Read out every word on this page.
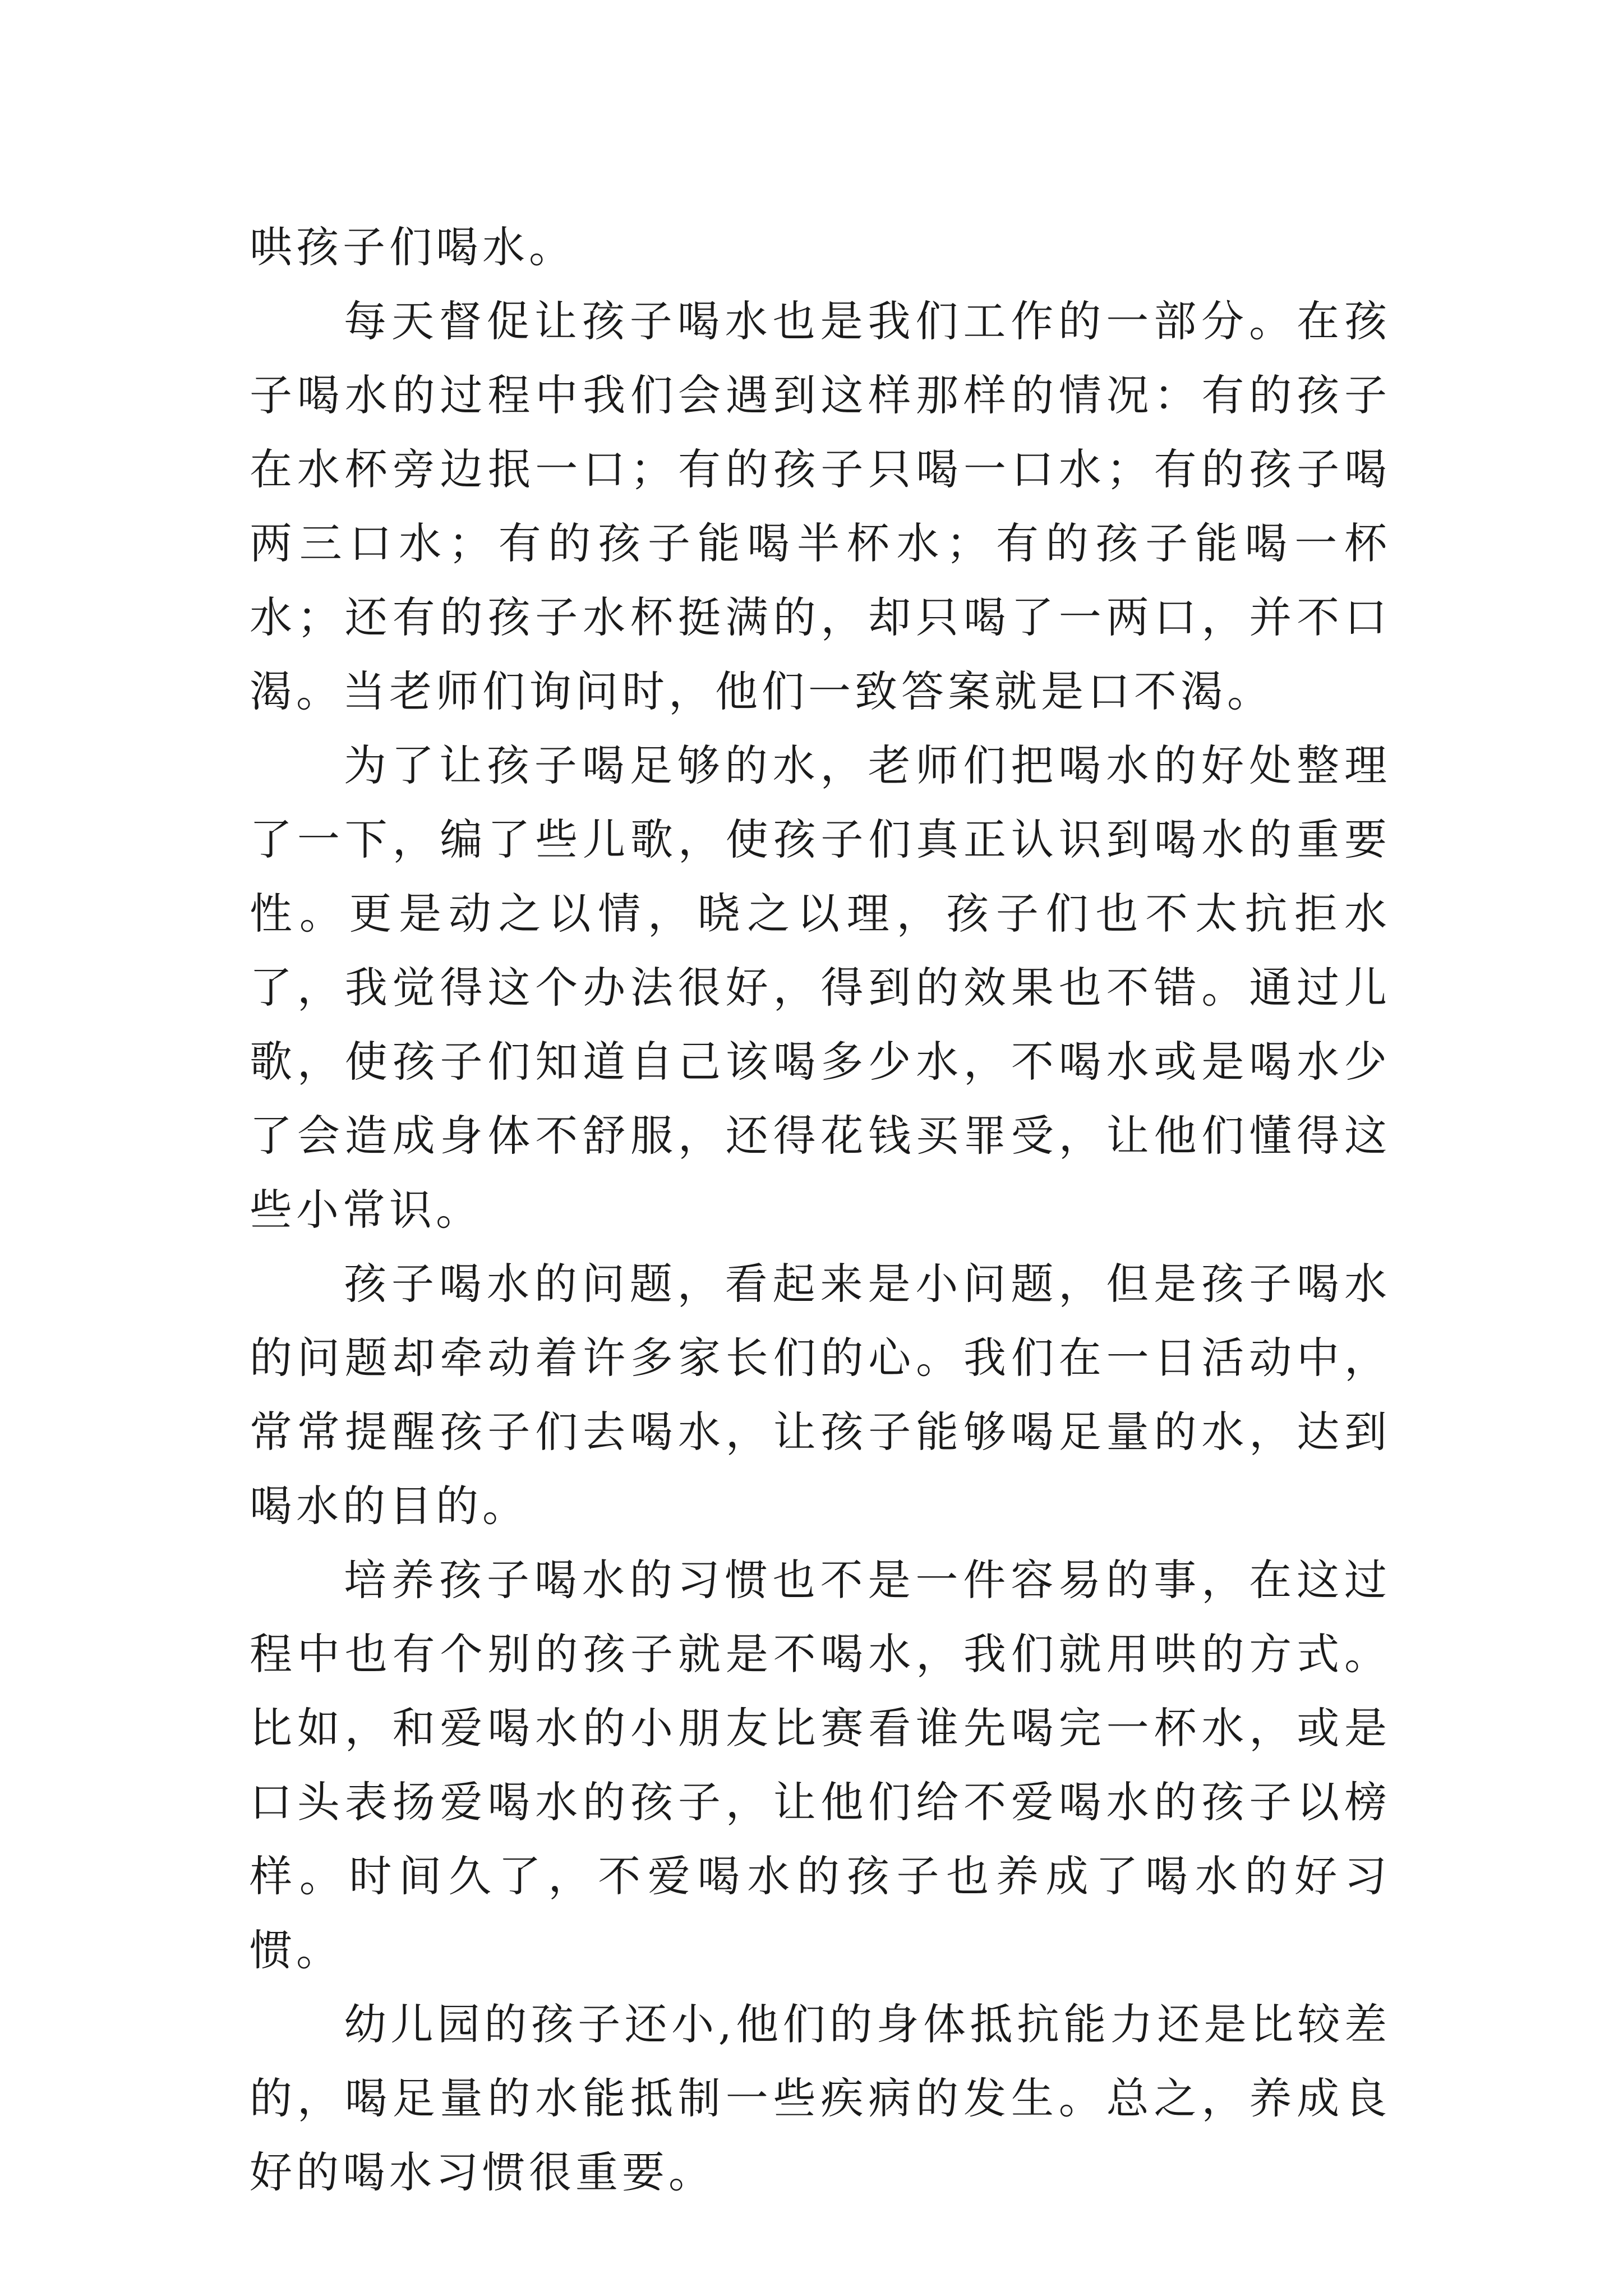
哄孩子们喝水。

每天督促让孩子喝水也是我们工作的一部分。在孩子喝水的过程中我们会遇到这样那样的情况：有的孩子在水杯旁边抿一口；有的孩子只喝一口水；有的孩子喝两三口水；有的孩子能喝半杯水；有的孩子能喝一杯水；还有的孩子水杯挺满的，却只喝了一两口，并不口渴。当老师们询问时，他们一致答案就是口不渴。

为了让孩子喝足够的水，老师们把喝水的好处整理了一下，编了些儿歌，使孩子们真正认识到喝水的重要性。更是动之以情，晓之以理，孩子们也不太抗拒水了，我觉得这个办法很好，得到的效果也不错。通过儿歌，使孩子们知道自己该喝多少水，不喝水或是喝水少了会造成身体不舒服，还得花钱买罪受，让他们懂得这些小常识。

孩子喝水的问题，看起来是小问题，但是孩子喝水的问题却牵动着许多家长们的心。我们在一日活动中，常常提醒孩子们去喝水，让孩子能够喝足量的水，达到喝水的目的。

培养孩子喝水的习惯也不是一件容易的事，在这过程中也有个别的孩子就是不喝水，我们就用哄的方式。比如，和爱喝水的小朋友比赛看谁先喝完一杯水，或是口头表扬爱喝水的孩子，让他们给不爱喝水的孩子以榜样。时间久了，不爱喝水的孩子也养成了喝水的好习惯。

幼儿园的孩子还小,他们的身体抵抗能力还是比较差的，喝足量的水能抵制一些疾病的发生。总之，养成良好的喝水习惯很重要。
